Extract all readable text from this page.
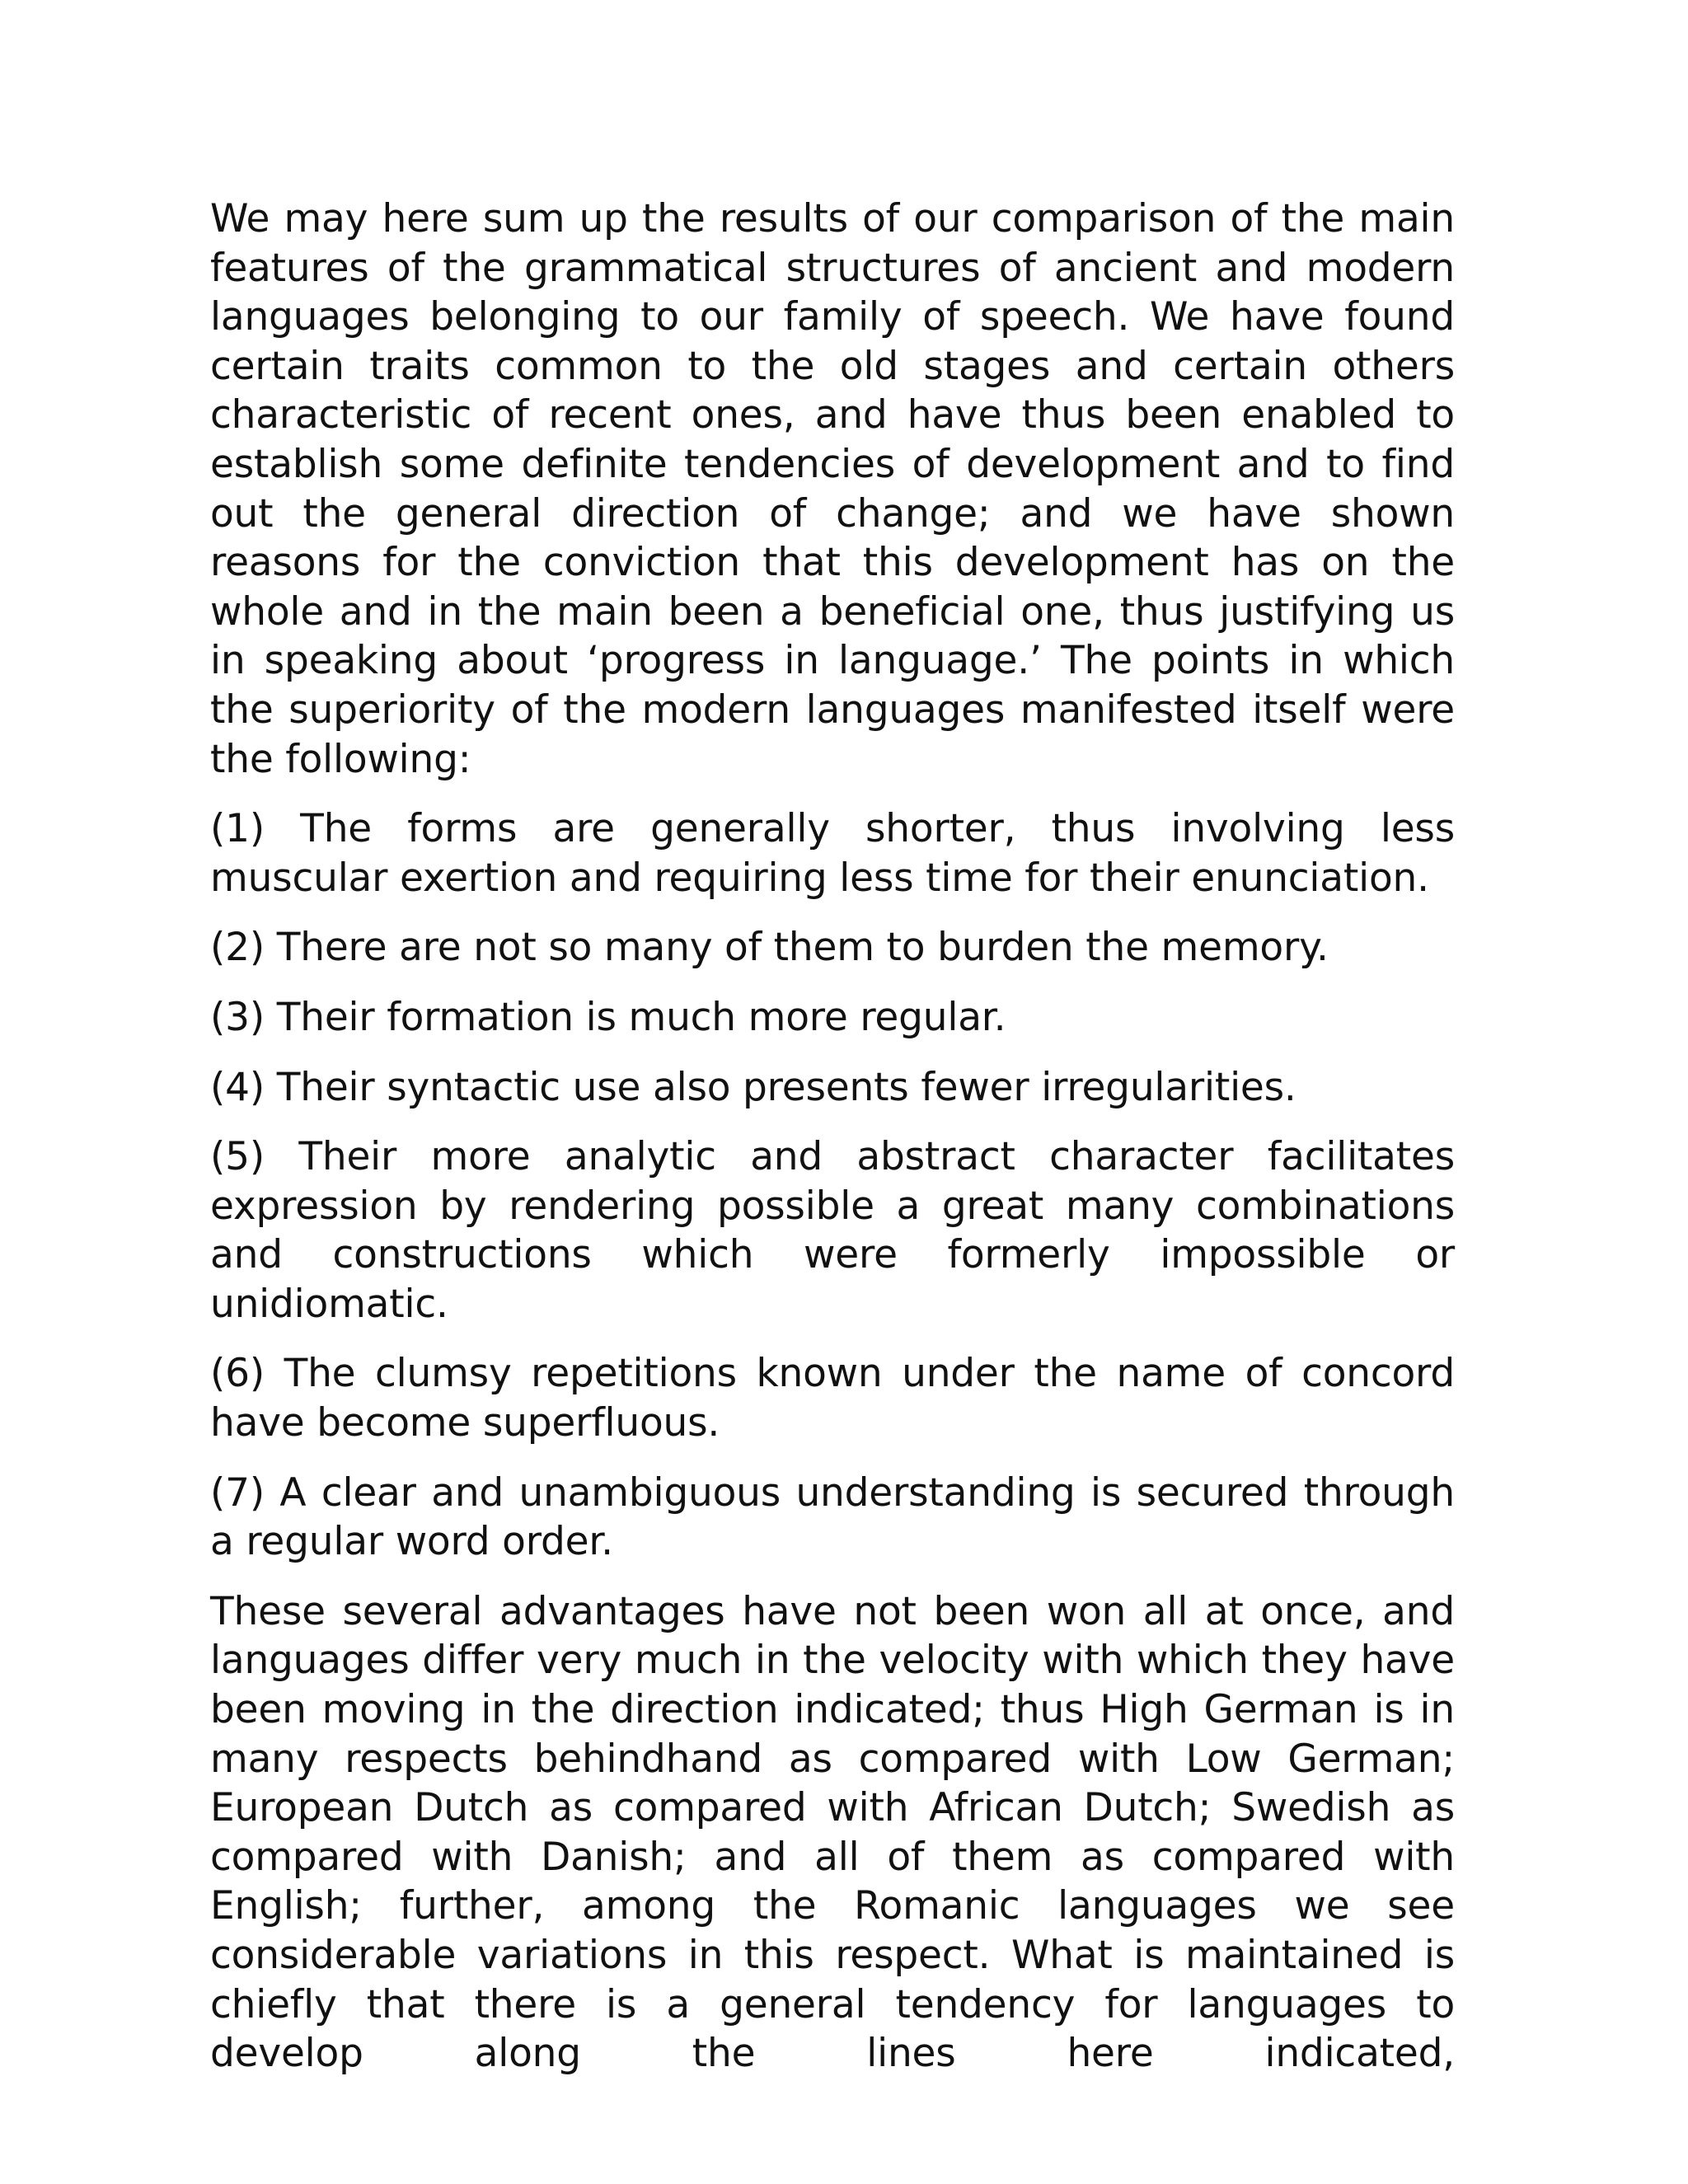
We may here sum up the results of our comparison of the main features of the grammatical structures of ancient and modern languages belonging to our family of speech. We have found certain traits common to the old stages and certain others characteristic of recent ones, and have thus been enabled to establish some definite tendencies of development and to find out the general direction of change; and we have shown reasons for the conviction that this development has on the whole and in the main been a beneficial one, thus justifying us in speaking about ‘progress in language.’ The points in which the superiority of the modern languages manifested itself were the following:

(1) The forms are generally shorter, thus involving less muscular exertion and requiring less time for their enunciation.

(2) There are not so many of them to burden the memory.

(3) Their formation is much more regular.

(4) Their syntactic use also presents fewer irregularities.

(5) Their more analytic and abstract character facilitates expression by rendering possible a great many combinations and constructions which were formerly impossible or unidiomatic.

(6) The clumsy repetitions known under the name of concord have become superfluous.

(7) A clear and unambiguous understanding is secured through a regular word order.

These several advantages have not been won all at once, and languages differ very much in the velocity with which they have been moving in the direction indicated; thus High German is in many respects behindhand as compared with Low German; European Dutch as compared with African Dutch; Swedish as compared with Danish; and all of them as compared with English; further, among the Romanic languages we see considerable variations in this respect. What is maintained is chiefly that there is a general tendency for languages to develop along the lines here indicated,
